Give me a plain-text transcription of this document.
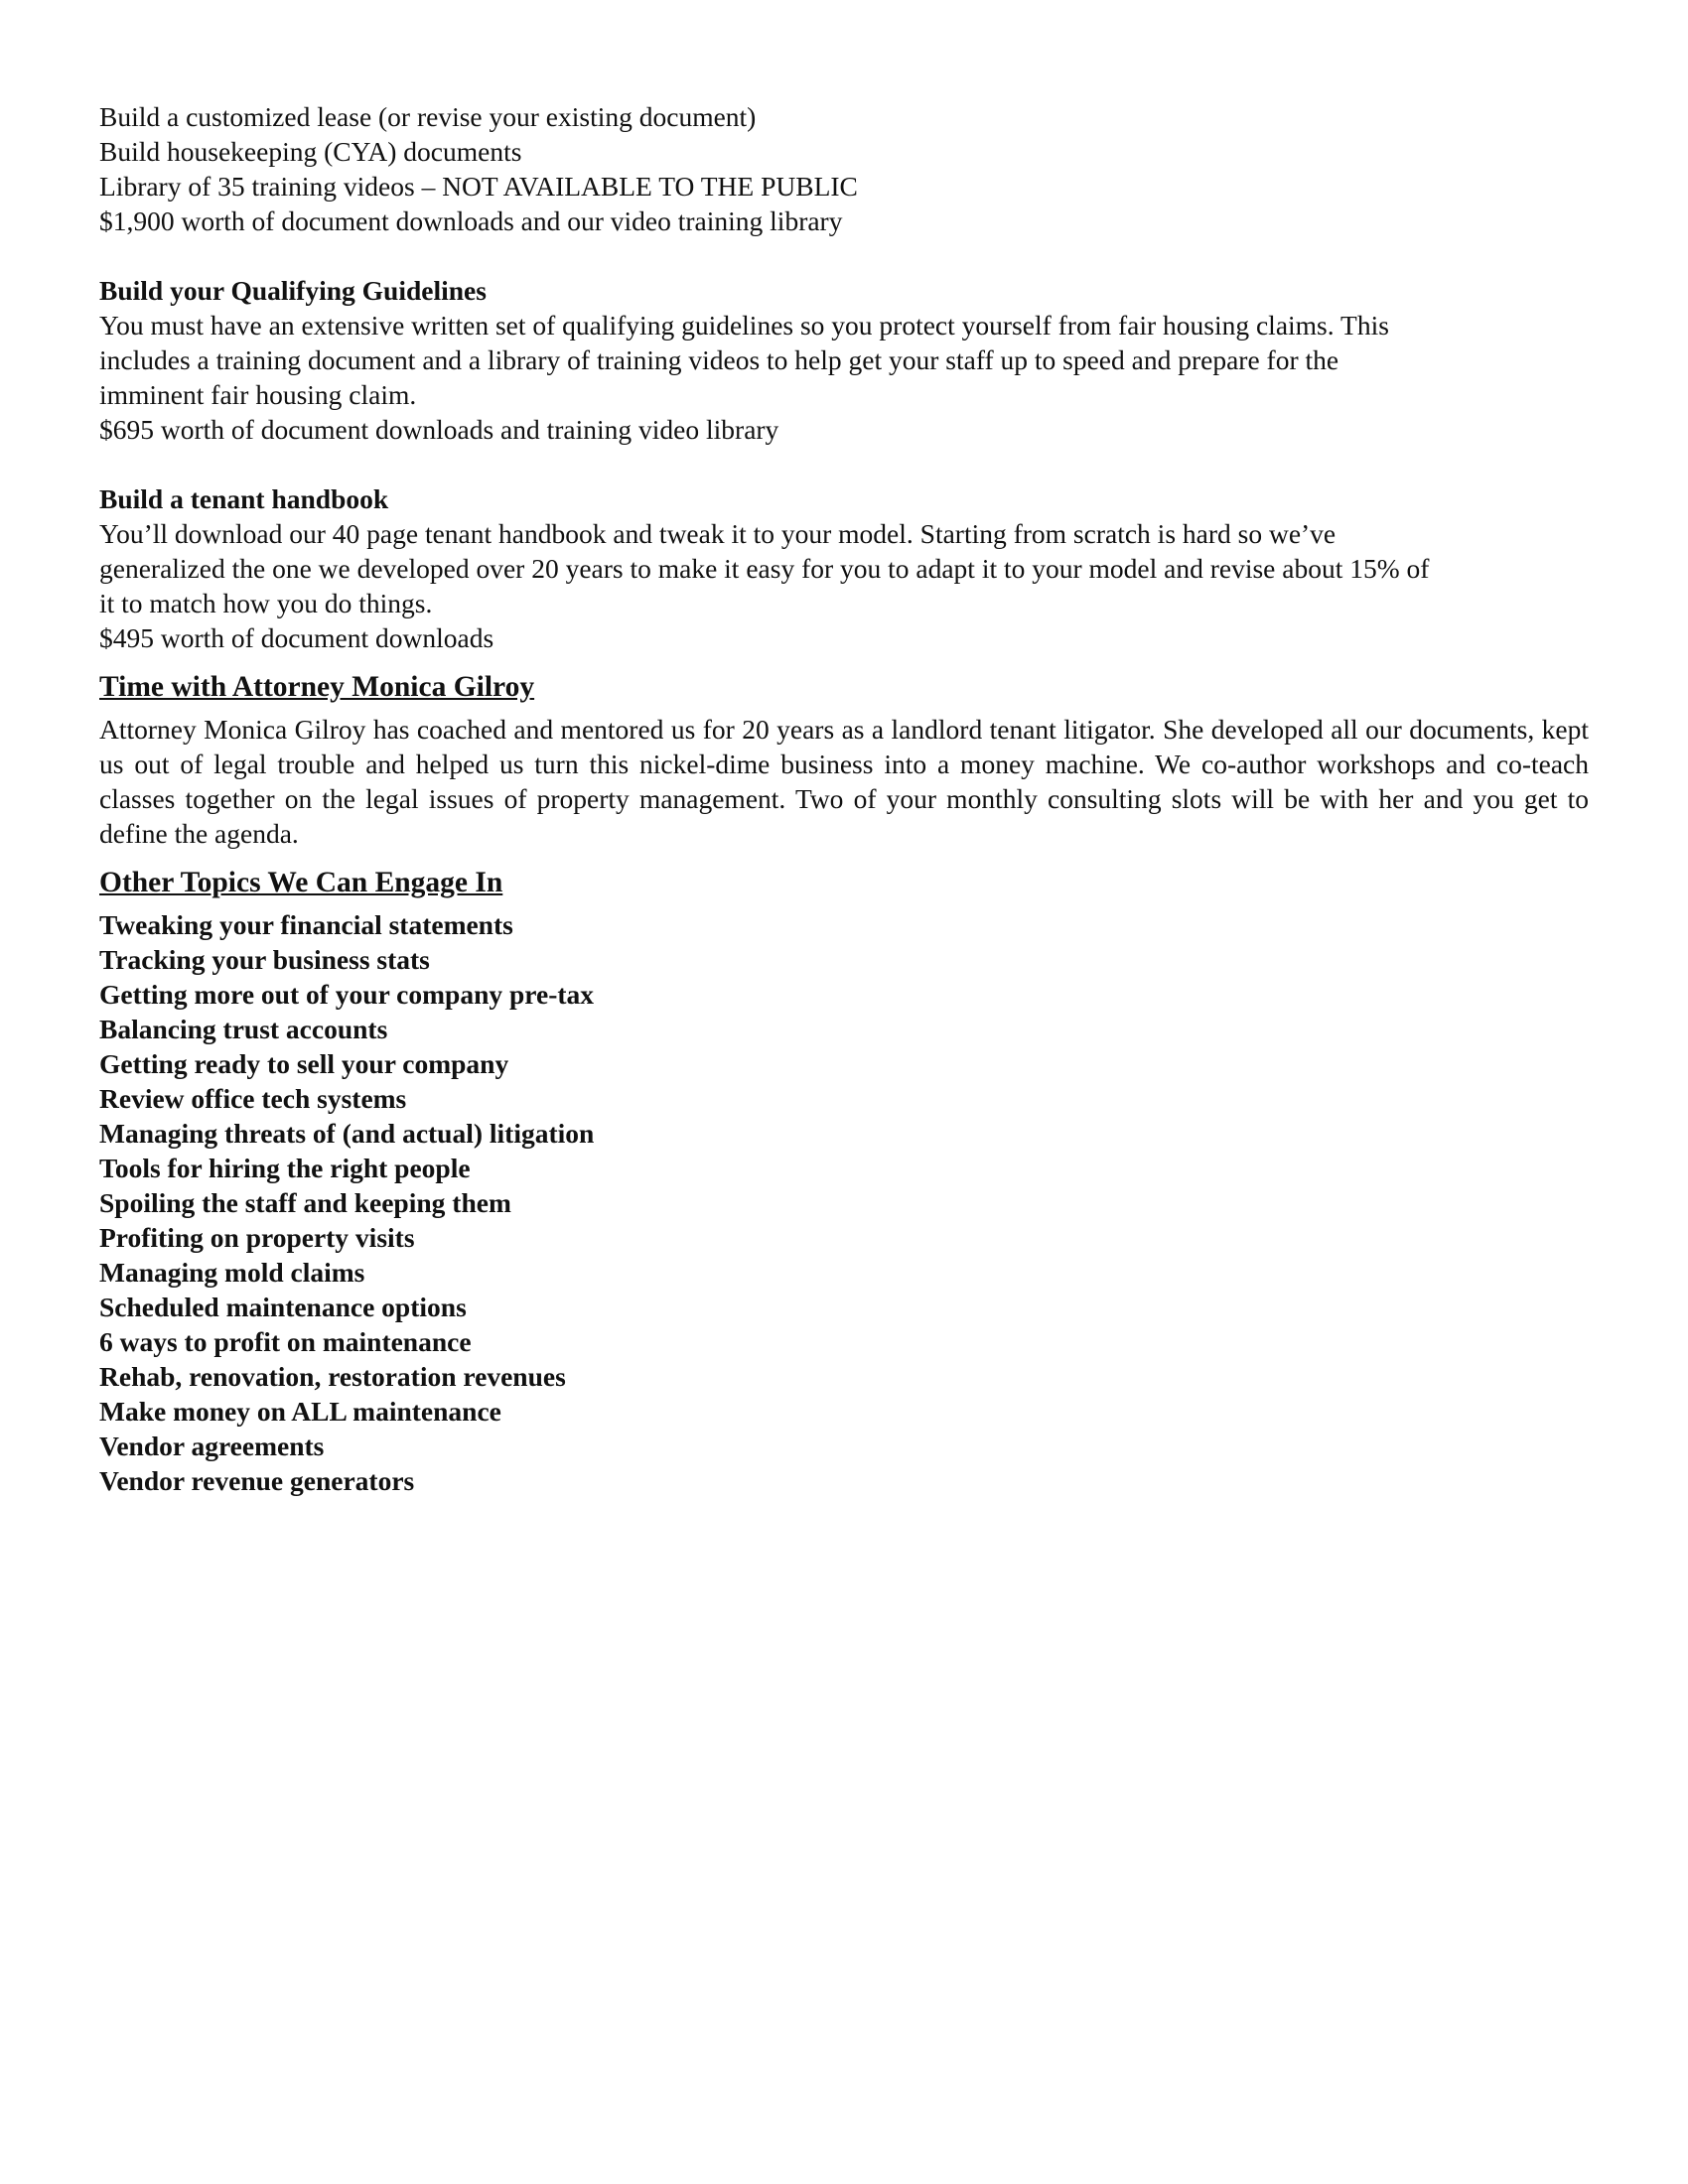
Build a customized lease (or revise your existing document)

Build housekeeping (CYA) documents

Library of 35 training videos – NOT AVAILABLE TO THE PUBLIC

$1,900 worth of document downloads and our video training library

Build your Qualifying Guidelines

You must have an extensive written set of qualifying guidelines so you protect yourself from fair housing claims. This

includes a training document and a library of training videos to help get your staff up to speed and prepare for the

imminent fair housing claim.

$695 worth of document downloads and training video library

Build a tenant handbook

You’ll download our 40 page tenant handbook and tweak it to your model. Starting from scratch is hard so we’ve

generalized the one we developed over 20 years to make it easy for you to adapt it to your model and revise about 15% of

it to match how you do things.

$495 worth of document downloads

Time with Attorney Monica Gilroy

Attorney Monica Gilroy has coached and mentored us for 20 years as a landlord tenant litigator. She developed all our documents, kept us out of legal trouble and helped us turn this nickel-dime business into a money machine. We co-author workshops and co-teach classes together on the legal issues of property management. Two of your monthly consulting slots will be with her and you get to define the agenda.

Other Topics We Can Engage In

Tweaking your financial statements

Tracking your business stats

Getting more out of your company pre-tax

Balancing trust accounts

Getting ready to sell your company

Review office tech systems

Managing threats of (and actual) litigation

Tools for hiring the right people

Spoiling the staff and keeping them

Profiting on property visits

Managing mold claims

Scheduled maintenance options

6 ways to profit on maintenance

Rehab, renovation, restoration revenues

Make money on ALL maintenance

Vendor agreements

Vendor revenue generators
